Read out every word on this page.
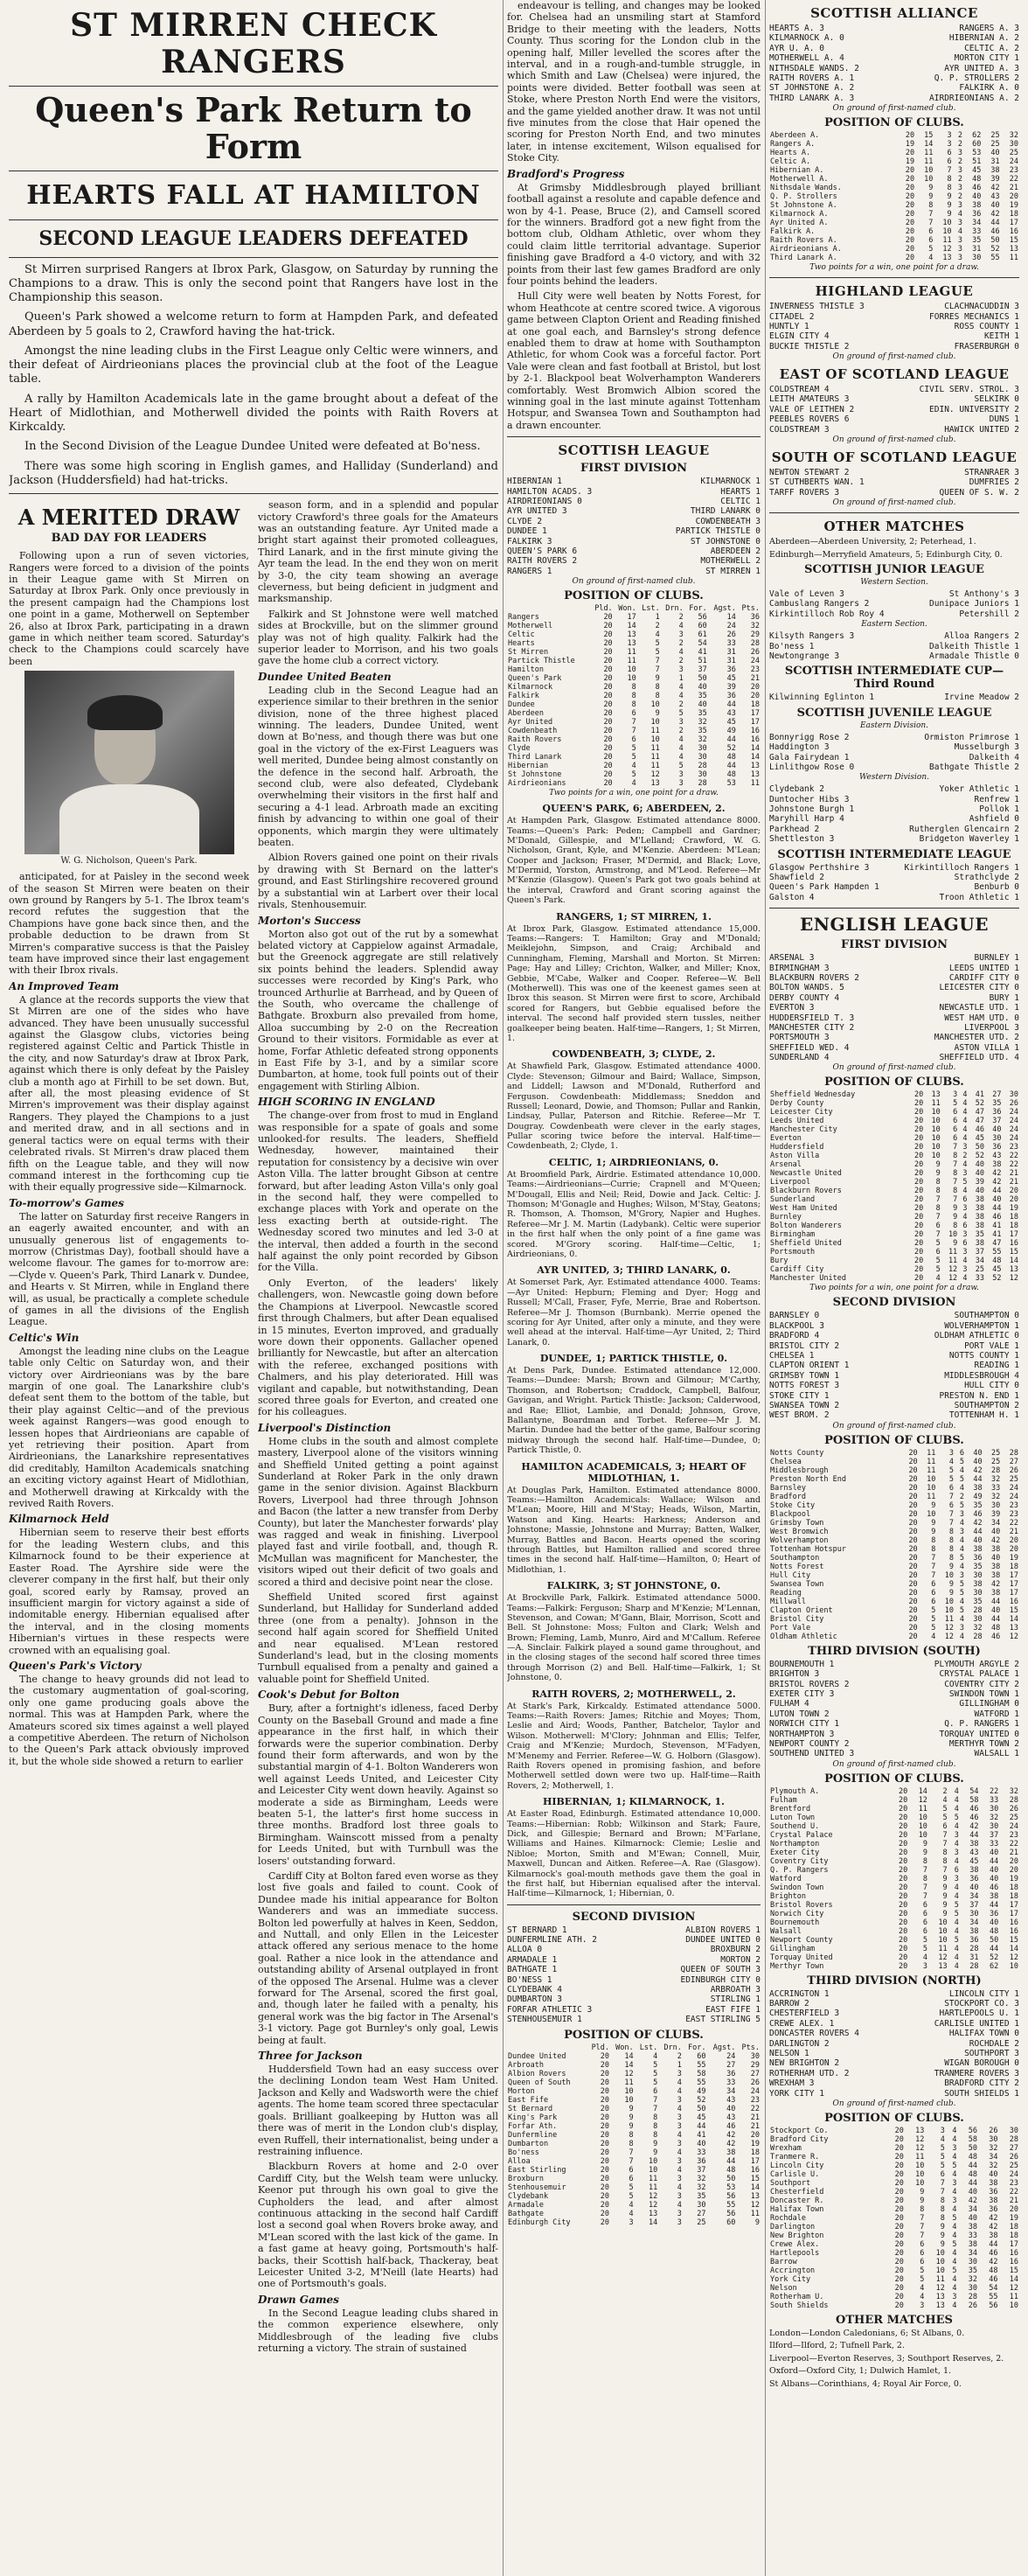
ST MIRREN CHECK RANGERS
Queen's Park Return to Form
HEARTS FALL AT HAMILTON
SECOND LEAGUE LEADERS DEFEATED

St Mirren surprised Rangers at Ibrox Park, Glasgow, on Saturday by running the Champions to a draw. This is only the second point that Rangers have lost in the Championship this season.

Queen's Park showed a welcome return to form at Hampden Park, and defeated Aberdeen by 5 goals to 2, Crawford having the hat-trick.

Amongst the nine leading clubs in the First League only Celtic were winners, and their defeat of Airdrieonians places the provincial club at the foot of the League table.

A rally by Hamilton Academicals late in the game brought about a defeat of the Heart of Midlothian, and Motherwell divided the points with Raith Rovers at Kirkcaldy.

In the Second Division of the League Dundee United were defeated at Bo'ness.

There was some high scoring in English games, and Halliday (Sunderland) and Jackson (Huddersfield) had hat-tricks.

A MERITED DRAW
BAD DAY FOR LEADERS

Following upon a run of seven victories, Rangers were forced to a division of the points in their League game with St Mirren on Saturday at Ibrox Park. Only once previously in the present campaign had the Champions lost one point in a game, Motherwell on September 26, also at Ibrox Park, participating in a drawn game in which neither team scored. Saturday's check to the Champions could scarcely have been

W. G. Nicholson, Queen's Park.

anticipated, for at Paisley in the second week of the season St Mirren were beaten on their own ground by Rangers by 5-1. The Ibrox team's record refutes the suggestion that the Champions have gone back since then, and the probable deduction to be drawn from St Mirren's comparative success is that the Paisley team have improved since their last engagement with their Ibrox rivals.

An Improved Team

A glance at the records supports the view that St Mirren are one of the sides who have advanced. They have been unusually successful against the Glasgow clubs, victories being registered against Celtic and Partick Thistle in the city, and now Saturday's draw at Ibrox Park, against which there is only defeat by the Paisley club a month ago at Firhill to be set down. But, after all, the most pleasing evidence of St Mirren's improvement was their display against Rangers. They played the Champions to a just and merited draw, and in all sections and in general tactics were on equal terms with their celebrated rivals. St Mirren's draw placed them fifth on the League table, and they will now command interest in the forthcoming cup tie with their equally progressive side—Kilmarnock.

To-morrow's Games

The latter on Saturday first receive Rangers in an eagerly awaited encounter, and with an unusually generous list of engagements to-morrow (Christmas Day), football should have a welcome flavour. The games for to-morrow are:—Clyde v. Queen's Park, Third Lanark v. Dundee, and Hearts v. St Mirren, while in England there will, as usual, be practically a complete schedule of games in all the divisions of the English League.

Celtic's Win

Amongst the leading nine clubs on the League table only Celtic on Saturday won, and their victory over Airdrieonians was by the bare margin of one goal. The Lanarkshire club's defeat sent them to the bottom of the table, but their play against Celtic—and of the previous week against Rangers—was good enough to lessen hopes that Airdrieonians are capable of yet retrieving their position. Apart from Airdrieonians, the Lanarkshire representatives did creditably, Hamilton Academicals snatching an exciting victory against Heart of Midlothian, and Motherwell drawing at Kirkcaldy with the revived Raith Rovers.

Kilmarnock Held

Hibernian seem to reserve their best efforts for the leading Western clubs, and this Kilmarnock found to be their experience at Easter Road. The Ayrshire side were the cleverer company in the first half, but their only goal, scored early by Ramsay, proved an insufficient margin for victory against a side of indomitable energy. Hibernian equalised after the interval, and in the closing moments Hibernian's virtues in these respects were crowned with an equalising goal.

Queen's Park's Victory

The change to heavy grounds did not lead to the customary augmentation of goal-scoring, only one game producing goals above the normal. This was at Hampden Park, where the Amateurs scored six times against a well played a competitive Aberdeen. The return of Nicholson to the Queen's Park attack obviously improved it, but the whole side showed a return to earlier

season form, and in a splendid and popular victory Crawford's three goals for the Amateurs was an outstanding feature. Ayr United made a bright start against their promoted colleagues, Third Lanark, and in the first minute giving the Ayr team the lead. In the end they won on merit by 3-0, the city team showing an average cleverness, but being deficient in judgment and marksmanship.

Falkirk and St Johnstone were well matched sides at Brockville, but on the slimmer ground play was not of high quality. Falkirk had the superior leader to Morrison, and his two goals gave the home club a correct victory.

Dundee United Beaten

Leading club in the Second League had an experience similar to their brethren in the senior division, none of the three highest placed winning. The leaders, Dundee United, went down at Bo'ness, and though there was but one goal in the victory of the ex-First Leaguers was well merited, Dundee being almost constantly on the defence in the second half. Arbroath, the second club, were also defeated, Clydebank overwhelming their visitors in the first half and securing a 4-1 lead. Arbroath made an exciting finish by advancing to within one goal of their opponents, which margin they were ultimately beaten.

Albion Rovers gained one point on their rivals by drawing with St Bernard on the latter's ground, and East Stirlingshire recovered ground by a substantial win at Larbert over their local rivals, Stenhousemuir.

Morton's Success

Morton also got out of the rut by a somewhat belated victory at Cappielow against Armadale, but the Greenock aggregate are still relatively six points behind the leaders. Splendid away successes were recorded by King's Park, who trounced Arthurlie at Barrhead, and by Queen of the South, who overcame the challenge of Bathgate. Broxburn also prevailed from home, Alloa succumbing by 2-0 on the Recreation Ground to their visitors. Formidable as ever at home, Forfar Athletic defeated strong opponents in East Fife by 3-1, and by a similar score Dumbarton, at home, took full points out of their engagement with Stirling Albion.

HIGH SCORING IN ENGLAND

The change-over from frost to mud in England was responsible for a spate of goals and some unlooked-for results. The leaders, Sheffield Wednesday, however, maintained their reputation for consistency by a decisive win over Aston Villa. The latter brought Gibson at centre forward, but after leading Aston Villa's only goal in the second half, they were compelled to exchange places with York and operate on the less exacting berth at outside-right. The Wednesday scored two minutes and led 3-0 at the interval, then added a fourth in the second half against the only point recorded by Gibson for the Villa.

Only Everton, of the leaders' likely challengers, won. Newcastle going down before the Champions at Liverpool. Newcastle scored first through Chalmers, but after Dean equalised in 15 minutes, Everton improved, and gradually wore down their opponents. Gallacher opened brilliantly for Newcastle, but after an altercation with the referee, exchanged positions with Chalmers, and his play deteriorated. Hill was vigilant and capable, but notwithstanding, Dean scored three goals for Everton, and created one for his colleagues.

Liverpool's Distinction

Home clubs in the south and almost complete mastery, Liverpool alone of the visitors winning and Sheffield United getting a point against Sunderland at Roker Park in the only drawn game in the senior division. Against Blackburn Rovers, Liverpool had three through Johnson and Bacon (the latter a new transfer from Derby County), but later the Manchester forwards' play was ragged and weak in finishing. Liverpool played fast and virile football, and, though R. McMullan was magnificent for Manchester, the visitors wiped out their deficit of two goals and scored a third and decisive point near the close.

Sheffield United scored first against Sunderland, but Halliday for Sunderland added three (one from a penalty). Johnson in the second half again scored for Sheffield United and near equalised. M'Lean restored Sunderland's lead, but in the closing moments Turnbull equalised from a penalty and gained a valuable point for Sheffield United.

Cook's Debut for Bolton

Bury, after a fortnight's idleness, faced Derby County on the Baseball Ground and made a fine appearance in the first half, in which their forwards were the superior combination. Derby found their form afterwards, and won by the substantial margin of 4-1. Bolton Wanderers won well against Leeds United, and Leicester City and Leicester City went down heavily. Against so moderate a side as Birmingham, Leeds were beaten 5-1, the latter's first home success in three months. Bradford lost three goals to Birmingham. Wainscott missed from a penalty for Leeds United, but with Turnbull was the losers' outstanding forward.

Cardiff City at Bolton fared even worse as they lost five goals and failed to count. Cook of Dundee made his initial appearance for Bolton Wanderers and was an immediate success. Bolton led powerfully at halves in Keen, Seddon, and Nuttall, and only Ellen in the Leicester attack offered any serious menace to the home goal. Rather a nice look in the attendance and outstanding ability of Arsenal outplayed in front of the opposed The Arsenal. Hulme was a clever forward for The Arsenal, scored the first goal, and, though later he failed with a penalty, his general work was the big factor in The Arsenal's 3-1 victory. Page got Burnley's only goal, Lewis being at fault.

Three for Jackson

Huddersfield Town had an easy success over the declining London team West Ham United. Jackson and Kelly and Wadsworth were the chief agents. The home team scored three spectacular goals. Brilliant goalkeeping by Hutton was all there was of merit in the London club's display, even Ruffell, their internationalist, being under a restraining influence.

Blackburn Rovers at home and 2-0 over Cardiff City, but the Welsh team were unlucky. Keenor put through his own goal to give the Cupholders the lead, and after almost continuous attacking in the second half Cardiff lost a second goal when Rovers broke away, and M'Lean scored with the last kick of the game. In a fast game at heavy going, Portsmouth's half-backs, their Scottish half-back, Thackeray, beat Leicester United 3-2, M'Neill (late Hearts) had one of Portsmouth's goals.

Drawn Games

In the Second League leading clubs shared in the common experience elsewhere, only Middlesbrough of the leading five clubs returning a victory. The strain of sustained

endeavour is telling, and changes may be looked for. Chelsea had an unsmiling start at Stamford Bridge to their meeting with the leaders, Notts County. Thus scoring for the London club in the opening half, Miller levelled the scores after the interval, and in a rough-and-tumble struggle, in which Smith and Law (Chelsea) were injured, the points were divided. Better football was seen at Stoke, where Preston North End were the visitors, and the game yielded another draw. It was not until five minutes from the close that Hair opened the scoring for Preston North End, and two minutes later, in intense excitement, Wilson equalised for Stoke City.

Bradford's Progress

At Grimsby Middlesbrough played brilliant football against a resolute and capable defence and won by 4-1. Pease, Bruce (2), and Camsell scored for the winners. Bradford got a new fight from the bottom club, Oldham Athletic, over whom they could claim little territorial advantage. Superior finishing gave Bradford a 4-0 victory, and with 32 points from their last few games Bradford are only four points behind the leaders.

Hull City were well beaten by Notts Forest, for whom Heathcote at centre scored twice. A vigorous game between Clapton Orient and Reading finished at one goal each, and Barnsley's strong defence enabled them to draw at home with Southampton Athletic, for whom Cook was a forceful factor. Port Vale were clean and fast football at Bristol, but lost by 2-1. Blackpool beat Wolverhampton Wanderers comfortably. West Bromwich Albion scored the winning goal in the last minute against Tottenham Hotspur, and Swansea Town and Southampton had a drawn encounter.

SCOTTISH LEAGUE
FIRST DIVISION
HIBERNIAN 1	KILMARNOCK 1
HAMILTON ACADS. 3	HEARTS 1
AIRDRIEONIANS 0	CELTIC 1
AYR UNITED 3	THIRD LANARK 0
CLYDE 2	COWDENBEATH 3
DUNDEE 1	PARTICK THISTLE 0
FALKIRK 3	ST JOHNSTONE 0
QUEEN'S PARK 6	ABERDEEN 2
RAITH ROVERS 2	MOTHERWELL 2
RANGERS 1	ST MIRREN 1
On ground of first-named club.
POSITION OF CLUBS.
	Pld.	Won.	Lst.	Drn.	For.	Agst.	Pts.
Rangers	20	17	1	2	56	14	36
Motherwell	20	14	2	4	60	24	32
Celtic	20	13	4	3	61	26	29
Hearts	20	13	5	2	54	33	28
St Mirren	20	11	5	4	41	31	26
Partick Thistle	20	11	7	2	51	31	24
Hamilton	20	10	7	3	37	36	23
Queen's Park	20	10	9	1	50	45	21
Kilmarnock	20	8	8	4	40	39	20
Falkirk	20	8	8	4	35	36	20
Dundee	20	8	10	2	40	44	18
Aberdeen	20	6	9	5	35	43	17
Ayr United	20	7	10	3	32	45	17
Cowdenbeath	20	7	11	2	35	49	16
Raith Rovers	20	6	10	4	32	44	16
Clyde	20	5	11	4	30	52	14
Third Lanark	20	5	11	4	30	48	14
Hibernian	20	4	11	5	28	44	13
St Johnstone	20	5	12	3	30	48	13
Airdrieonians	20	4	13	3	28	53	11
Two points for a win, one point for a draw.
QUEEN'S PARK, 6; ABERDEEN, 2.

At Hampden Park, Glasgow. Estimated attendance 8000. Teams:—Queen's Park: Peden; Campbell and Gardner; M'Donald, Gillespie, and M'Lelland; Crawford, W. G. Nicholson, Grant, Kyle, and M'Kenzie. Aberdeen: M'Lean; Cooper and Jackson; Fraser, M'Dermid, and Black; Love, M'Dermid, Yorston, Armstrong, and M'Leod. Referee—Mr M'Kenzie (Glasgow). Queen's Park got two goals behind at the interval, Crawford and Grant scoring against the Queen's Park.

RANGERS, 1; ST MIRREN, 1.

At Ibrox Park, Glasgow. Estimated attendance 15,000. Teams:—Rangers: T. Hamilton; Gray and M'Donald; Meiklejohn, Simpson, and Craig; Archibald and Cunningham, Fleming, Marshall and Morton. St Mirren: Page; Hay and Lilley; Crichton, Walker, and Miller; Knox, Gebbie, M'Cabe, Walker and Cooper. Referee—W. Bell (Motherwell). This was one of the keenest games seen at Ibrox this season. St Mirren were first to score, Archibald scored for Rangers, but Gebbie equalised before the interval. The second half provided stern tussles, neither goalkeeper being beaten. Half-time—Rangers, 1; St Mirren, 1.

COWDENBEATH, 3; CLYDE, 2.

At Shawfield Park, Glasgow. Estimated attendance 4000. Clyde: Stevenson; Gilmour and Baird; Wallace, Simpson, and Liddell; Lawson and M'Donald, Rutherford and Ferguson. Cowdenbeath: Middlemass; Sneddon and Russell; Leonard, Dowie, and Thomson; Pullar and Rankin, Lindsay, Pullar, Paterson and Ritchie. Referee—Mr T. Dougray. Cowdenbeath were clever in the early stages, Pullar scoring twice before the interval. Half-time—Cowdenbeath, 2; Clyde, 1.

CELTIC, 1; AIRDRIEONIANS, 0.

At Broomfield Park, Airdrie. Estimated attendance 10,000. Teams:—Airdrieonians—Currie; Crapnell and M'Queen; M'Dougall, Ellis and Neil; Reid, Dowie and Jack. Celtic: J. Thomson; M'Gonagle and Hughes; Wilson, M'Stay, Geatons; R. Thomson, A. Thomson, M'Grory, Napier and Hughes. Referee—Mr J. M. Martin (Ladybank). Celtic were superior in the first half when the only point of a fine game was scored. M'Grory scoring. Half-time—Celtic, 1; Airdrieonians, 0.

AYR UNITED, 3; THIRD LANARK, 0.

At Somerset Park, Ayr. Estimated attendance 4000. Teams:—Ayr United: Hepburn; Fleming and Dyer; Hogg and Russell; M'Call, Fraser, Fyfe, Merrie, Brae and Robertson. Referee—Mr J. Thomson (Burnbank). Merrie opened the scoring for Ayr United, after only a minute, and they were well ahead at the interval. Half-time—Ayr United, 2; Third Lanark, 0.

DUNDEE, 1; PARTICK THISTLE, 0.

At Dens Park, Dundee. Estimated attendance 12,000. Teams:—Dundee: Marsh; Brown and Gilmour; M'Carthy, Thomson, and Robertson; Craddock, Campbell, Balfour, Gavigan, and Wright. Partick Thistle: Jackson; Calderwood, and Rae; Elliot, Lambie, and Donald; Johnson, Grove, Ballantyne, Boardman and Torbet. Referee—Mr J. M. Martin. Dundee had the better of the game, Balfour scoring midway through the second half. Half-time—Dundee, 0; Partick Thistle, 0.

HAMILTON ACADEMICALS, 3; HEART OF MIDLOTHIAN, 1.

At Douglas Park, Hamilton. Estimated attendance 8000. Teams:—Hamilton Academicals: Wallace; Wilson and M'Lean; Moore, Hill and M'Stay; Heads, Wilson, Martin, Watson and King. Hearts: Harkness; Anderson and Johnstone; Massie, Johnstone and Murray; Batten, Walker, Murray, Battles and Bacon. Hearts opened the scoring through Battles, but Hamilton rallied and scored three times in the second half. Half-time—Hamilton, 0; Heart of Midlothian, 1.

FALKIRK, 3; ST JOHNSTONE, 0.

At Brockville Park, Falkirk. Estimated attendance 5000. Teams:—Falkirk: Ferguson; Sharp and M'Kenzie; M'Lennan, Stevenson, and Cowan; M'Gann, Blair, Morrison, Scott and Bell. St Johnstone: Moss; Fulton and Clark; Welsh and Brown; Fleming, Lamb, Munro, Aird and M'Callum. Referee—A. Sinclair. Falkirk played a sound game throughout, and in the closing stages of the second half scored three times through Morrison (2) and Bell. Half-time—Falkirk, 1; St Johnstone, 0.

RAITH ROVERS, 2; MOTHERWELL, 2.

At Stark's Park, Kirkcaldy. Estimated attendance 5000. Teams:—Raith Rovers: James; Ritchie and Moyes; Thom, Leslie and Aird; Woods, Panther, Batchelor, Taylor and Wilson. Motherwell: M'Clory; Johnman and Ellis; Telfer, Craig and M'Kenzie; Murdoch, Stevenson, M'Fadyen, M'Menemy and Ferrier. Referee—W. G. Holborn (Glasgow). Raith Rovers opened in promising fashion, and before Motherwell settled down were two up. Half-time—Raith Rovers, 2; Motherwell, 1.

HIBERNIAN, 1; KILMARNOCK, 1.

At Easter Road, Edinburgh. Estimated attendance 10,000. Teams:—Hibernian: Robb; Wilkinson and Stark; Faure, Dick, and Gillespie; Bernard and Brown; M'Farlane, Williams and Haines. Kilmarnock: Clemie; Leslie and Nibloe; Morton, Smith and M'Ewan; Connell, Muir, Maxwell, Duncan and Aitken. Referee—A. Rae (Glasgow). Kilmarnock's goal-mouth methods gave them the goal in the first half, but Hibernian equalised after the interval. Half-time—Kilmarnock, 1; Hibernian, 0.

SECOND DIVISION
ST BERNARD 1	ALBION ROVERS 1
DUNFERMLINE ATH. 2	DUNDEE UNITED 0
ALLOA 0	BROXBURN 2
ARMADALE 1	MORTON 2
BATHGATE 1	QUEEN OF SOUTH 3
BO'NESS 1	EDINBURGH CITY 0
CLYDEBANK 4	ARBROATH 3
DUMBARTON 3	STIRLING 1
FORFAR ATHLETIC 3	EAST FIFE 1
STENHOUSEMUIR 1	EAST STIRLING 5
POSITION OF CLUBS.
	Pld.	Won.	Lst.	Drn.	For.	Agst.	Pts.
Dundee United	20	14	4	2	60	24	30
Arbroath	20	14	5	1	55	27	29
Albion Rovers	20	12	5	3	58	36	27
Queen of South	20	11	5	4	55	33	26
Morton	20	10	6	4	49	34	24
East Fife	20	10	7	3	52	43	23
St Bernard	20	9	7	4	50	40	22
King's Park	20	9	8	3	45	43	21
Forfar Ath.	20	9	8	3	44	46	21
Dunfermline	20	8	8	4	41	42	20
Dumbarton	20	8	9	3	40	42	19
Bo'ness	20	7	9	4	33	38	18
Alloa	20	7	10	3	36	44	17
East Stirling	20	6	10	4	37	48	16
Broxburn	20	6	11	3	32	50	15
Stenhousemuir	20	5	11	4	32	53	14
Clydebank	20	5	12	3	35	56	13
Armadale	20	4	12	4	30	55	12
Bathgate	20	4	13	3	27	56	11
Edinburgh City	20	3	14	3	25	60	9
SCOTTISH ALLIANCE
HEARTS A. 3	RANGERS A. 3
KILMARNOCK A. 0	HIBERNIAN A. 2
AYR U. A. 0	CELTIC A. 2
MOTHERWELL A. 4	MORTON CITY 1
NITHSDALE WANDS. 2	AYR UNITED A. 3
RAITH ROVERS A. 1	Q. P. STROLLERS 2
ST JOHNSTONE A. 2	FALKIRK A. 0
THIRD LANARK A. 3	AIRDRIEONIANS A. 2
On ground of first-named club.
POSITION OF CLUBS.
Aberdeen A.	20	15	3	2	62	25	32
Rangers A.	19	14	3	2	60	25	30
Hearts A.	20	11	6	3	53	40	25
Celtic A.	19	11	6	2	51	31	24
Hibernian A.	20	10	7	3	45	38	23
Motherwell A.	20	10	8	2	48	39	22
Nithsdale Wands.	20	9	8	3	46	42	21
Q. P. Strollers	20	9	9	2	40	43	20
St Johnstone A.	20	8	9	3	38	40	19
Kilmarnock A.	20	7	9	4	36	42	18
Ayr United A.	20	7	10	3	34	44	17
Falkirk A.	20	6	10	4	33	46	16
Raith Rovers A.	20	6	11	3	35	50	15
Airdrieonians A.	20	5	12	3	31	52	13
Third Lanark A.	20	4	13	3	30	55	11
Two points for a win, one point for a draw.
HIGHLAND LEAGUE
INVERNESS THISTLE 3	CLACHNACUDDIN 3
CITADEL 2	FORRES MECHANICS 1
HUNTLY 1	ROSS COUNTY 1
ELGIN CITY 4	KEITH 1
BUCKIE THISTLE 2	FRASERBURGH 0
On ground of first-named club.
EAST OF SCOTLAND LEAGUE
COLDSTREAM 4	CIVIL SERV. STROL. 3
LEITH AMATEURS 3	SELKIRK 0
VALE OF LEITHEN 2	EDIN. UNIVERSITY 2
PEEBLES ROVERS 6	DUNS 1
COLDSTREAM 3	HAWICK UNITED 2
On ground of first-named club.
SOUTH OF SCOTLAND LEAGUE
NEWTON STEWART 2	STRANRAER 3
ST CUTHBERTS WAN. 1	DUMFRIES 2
TARFF ROVERS 3	QUEEN OF S. W. 2
On ground of first-named club.
OTHER MATCHES

Aberdeen—Aberdeen University, 2; Peterhead, 1.

Edinburgh—Merryfield Amateurs, 5; Edinburgh City, 0.

SCOTTISH JUNIOR LEAGUE
Western Section.
Vale of Leven 3	St Anthony's 3
Cambuslang Rangers 2	Dunipace Juniors 1
Kirkintilloch Rob Roy 4	Petershill 2
Eastern Section.
Kilsyth Rangers 3	Alloa Rangers 2
Bo'ness 1	Dalkeith Thistle 1
Newtongrange 3	Armadale Thistle 0
SCOTTISH INTERMEDIATE CUP—Third Round
Kilwinning Eglinton 1	Irvine Meadow 2
SCOTTISH JUVENILE LEAGUE
Eastern Division.
Bonnyrigg Rose 2	Ormiston Primrose 1
Haddington 3	Musselburgh 3
Gala Fairydean 1	Dalkeith 4
Linlithgow Rose 0	Bathgate Thistle 2
Western Division.
Clydebank 2	Yoker Athletic 1
Duntocher Hibs 3	Renfrew 1
Johnstone Burgh 1	Pollok 1
Maryhill Harp 4	Ashfield 0
Parkhead 2	Rutherglen Glencairn 2
Shettleston 3	Bridgeton Waverley 1
SCOTTISH INTERMEDIATE LEAGUE
Glasgow Perthshire 3	Kirkintilloch Rangers 1
Shawfield 2	Strathclyde 2
Queen's Park Hampden 1	Benburb 0
Galston 4	Troon Athletic 1
ENGLISH LEAGUE
FIRST DIVISION
ARSENAL 3	BURNLEY 1
BIRMINGHAM 3	LEEDS UNITED 1
BLACKBURN ROVERS 2	CARDIFF CITY 0
BOLTON WANDS. 5	LEICESTER CITY 0
DERBY COUNTY 4	BURY 1
EVERTON 3	NEWCASTLE UTD. 1
HUDDERSFIELD T. 3	WEST HAM UTD. 0
MANCHESTER CITY 2	LIVERPOOL 3
PORTSMOUTH 3	MANCHESTER UTD. 2
SHEFFIELD WED. 4	ASTON VILLA 1
SUNDERLAND 4	SHEFFIELD UTD. 4
On ground of first-named club.
POSITION OF CLUBS.
Sheffield Wednesday	20	13	3	4	41	27	30
Derby County	20	11	5	4	52	35	26
Leicester City	20	10	6	4	47	36	24
Leeds United	20	10	6	4	47	37	24
Manchester City	20	10	6	4	46	40	24
Everton	20	10	6	4	45	30	24
Huddersfield	20	10	7	3	50	36	23
Aston Villa	20	10	8	2	52	43	22
Arsenal	20	9	7	4	40	38	22
Newcastle United	20	9	8	3	40	42	21
Liverpool	20	8	7	5	39	42	21
Blackburn Rovers	20	8	8	4	40	44	20
Sunderland	20	7	7	6	38	40	20
West Ham United	20	8	9	3	38	44	19
Burnley	20	7	9	4	38	46	18
Bolton Wanderers	20	6	8	6	38	41	18
Birmingham	20	7	10	3	35	41	17
Sheffield United	20	5	9	6	38	47	16
Portsmouth	20	6	11	3	37	55	15
Bury	20	5	11	4	34	48	14
Cardiff City	20	5	12	3	25	45	13
Manchester United	20	4	12	4	33	52	12
Two points for a win, one point for a draw.
SECOND DIVISION
BARNSLEY 0	SOUTHAMPTON 0
BLACKPOOL 3	WOLVERHAMPTON 1
BRADFORD 4	OLDHAM ATHLETIC 0
BRISTOL CITY 2	PORT VALE 1
CHELSEA 1	NOTTS COUNTY 1
CLAPTON ORIENT 1	READING 1
GRIMSBY TOWN 1	MIDDLESBROUGH 4
NOTTS FOREST 3	HULL CITY 0
STOKE CITY 1	PRESTON N. END 1
SWANSEA TOWN 2	SOUTHAMPTON 2
WEST BROM. 2	TOTTENHAM H. 1
On ground of first-named club.
POSITION OF CLUBS.
Notts County	20	11	3	6	40	25	28
Chelsea	20	11	4	5	40	25	27
Middlesbrough	20	11	5	4	42	28	26
Preston North End	20	10	5	5	44	32	25
Barnsley	20	10	6	4	38	33	24
Bradford	20	11	7	2	49	32	24
Stoke City	20	9	6	5	35	30	23
Blackpool	20	10	7	3	46	39	23
Grimsby Town	20	9	7	4	42	34	22
West Bromwich	20	9	8	3	44	40	21
Wolverhampton	20	8	8	4	40	42	20
Tottenham Hotspur	20	8	8	4	38	38	20
Southampton	20	7	8	5	36	40	19
Notts Forest	20	7	9	4	35	38	18
Hull City	20	7	10	3	30	38	17
Swansea Town	20	6	9	5	38	42	17
Reading	20	6	9	5	30	38	17
Millwall	20	6	10	4	35	44	16
Clapton Orient	20	5	10	5	28	40	15
Bristol City	20	5	11	4	30	44	14
Port Vale	20	5	12	3	32	48	13
Oldham Athletic	20	4	12	4	28	46	12
THIRD DIVISION (SOUTH)
BOURNEMOUTH 1	PLYMOUTH ARGYLE 2
BRIGHTON 3	CRYSTAL PALACE 1
BRISTOL ROVERS 2	COVENTRY CITY 2
EXETER CITY 3	SWINDON TOWN 1
FULHAM 4	GILLINGHAM 0
LUTON TOWN 2	WATFORD 1
NORWICH CITY 1	Q. P. RANGERS 1
NORTHAMPTON 3	TORQUAY UNITED 0
NEWPORT COUNTY 2	MERTHYR TOWN 2
SOUTHEND UNITED 3	WALSALL 1
On ground of first-named club.
POSITION OF CLUBS.
Plymouth A.	20	14	2	4	54	22	32
Fulham	20	12	4	4	58	33	28
Brentford	20	11	5	4	46	30	26
Luton Town	20	10	5	5	46	32	25
Southend U.	20	10	6	4	42	30	24
Crystal Palace	20	10	7	3	44	37	23
Northampton	20	9	7	4	38	33	22
Exeter City	20	9	8	3	43	40	21
Coventry City	20	8	8	4	45	44	20
Q. P. Rangers	20	7	7	6	38	40	20
Watford	20	8	9	3	36	40	19
Swindon Town	20	7	9	4	40	46	18
Brighton	20	7	9	4	34	38	18
Bristol Rovers	20	6	9	5	37	44	17
Norwich City	20	6	9	5	30	36	17
Bournemouth	20	6	10	4	34	40	16
Walsall	20	6	10	4	38	48	16
Newport County	20	5	10	5	36	50	15
Gillingham	20	5	11	4	28	44	14
Torquay United	20	4	12	4	31	52	12
Merthyr Town	20	3	13	4	28	62	10
THIRD DIVISION (NORTH)
ACCRINGTON 1	LINCOLN CITY 1
BARROW 2	STOCKPORT CO. 3
CHESTERFIELD 3	HARTLEPOOLS U. 1
CREWE ALEX. 1	CARLISLE UNITED 1
DONCASTER ROVERS 4	HALIFAX TOWN 0
DARLINGTON 2	ROCHDALE 2
NELSON 1	SOUTHPORT 3
NEW BRIGHTON 2	WIGAN BOROUGH 0
ROTHERHAM UTD. 2	TRANMERE ROVERS 3
WREXHAM 3	BRADFORD CITY 2
YORK CITY 1	SOUTH SHIELDS 1
On ground of first-named club.
POSITION OF CLUBS.
Stockport Co.	20	13	3	4	56	26	30
Bradford City	20	12	4	4	58	30	28
Wrexham	20	12	5	3	50	32	27
Tranmere R.	20	11	5	4	48	34	26
Lincoln City	20	10	5	5	44	32	25
Carlisle U.	20	10	6	4	48	40	24
Southport	20	10	7	3	44	38	23
Chesterfield	20	9	7	4	40	36	22
Doncaster R.	20	9	8	3	42	38	21
Halifax Town	20	8	8	4	34	36	20
Rochdale	20	7	8	5	40	42	19
Darlington	20	7	9	4	38	42	18
New Brighton	20	7	9	4	33	38	18
Crewe Alex.	20	6	9	5	38	44	17
Hartlepools	20	6	10	4	34	46	16
Barrow	20	6	10	4	30	42	16
Accrington	20	5	10	5	35	48	15
York City	20	5	11	4	32	46	14
Nelson	20	4	12	4	30	54	12
Rotherham U.	20	4	13	3	28	55	11
South Shields	20	3	13	4	26	56	10
OTHER MATCHES

London—London Caledonians, 6; St Albans, 0.

Ilford—Ilford, 2; Tufnell Park, 2.

Liverpool—Everton Reserves, 3; Southport Reserves, 2.

Oxford—Oxford City, 1; Dulwich Hamlet, 1.

St Albans—Corinthians, 4; Royal Air Force, 0.
